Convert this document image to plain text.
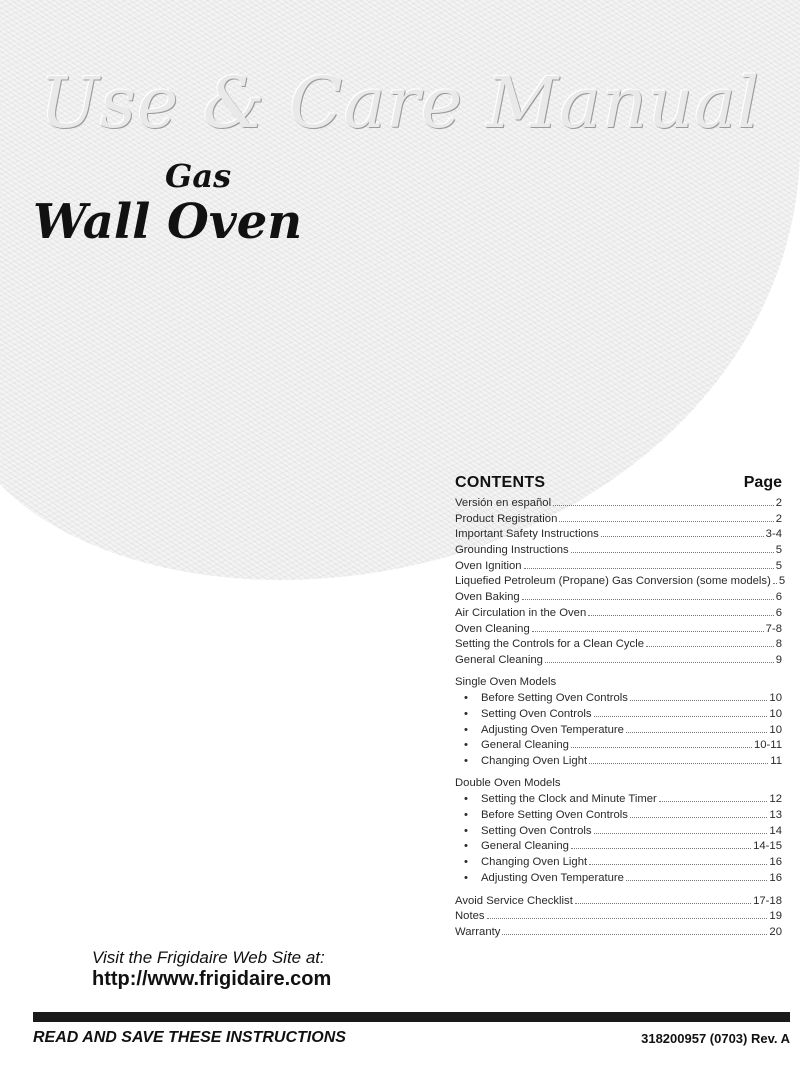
Use & Care Manual
Gas
Wall Oven
CONTENTS	Page
Versión en español	2
Product Registration	2
Important Safety Instructions	3-4
Grounding Instructions	5
Oven Ignition	5
Liquefied Petroleum (Propane) Gas Conversion (some models) 5
Oven Baking	6
Air Circulation in the Oven	6
Oven Cleaning	7-8
Setting the Controls for a Clean Cycle	8
General Cleaning	9
Single Oven Models
•	Before Setting Oven Controls	10
•	Setting Oven Controls	10
•	Adjusting Oven Temperature	10
•	General Cleaning	10-11
•	Changing Oven Light	11
Double Oven Models
•	Setting the Clock and Minute Timer	12
•	Before Setting Oven Controls	13
•	Setting Oven Controls	14
•	General Cleaning	14-15
•	Changing Oven Light	16
•	Adjusting Oven Temperature	16
Avoid Service Checklist	17-18
Notes	19
Warranty	20
Visit the Frigidaire Web Site at:
http://www.frigidaire.com
READ AND SAVE THESE INSTRUCTIONS	318200957 (0703) Rev. A
